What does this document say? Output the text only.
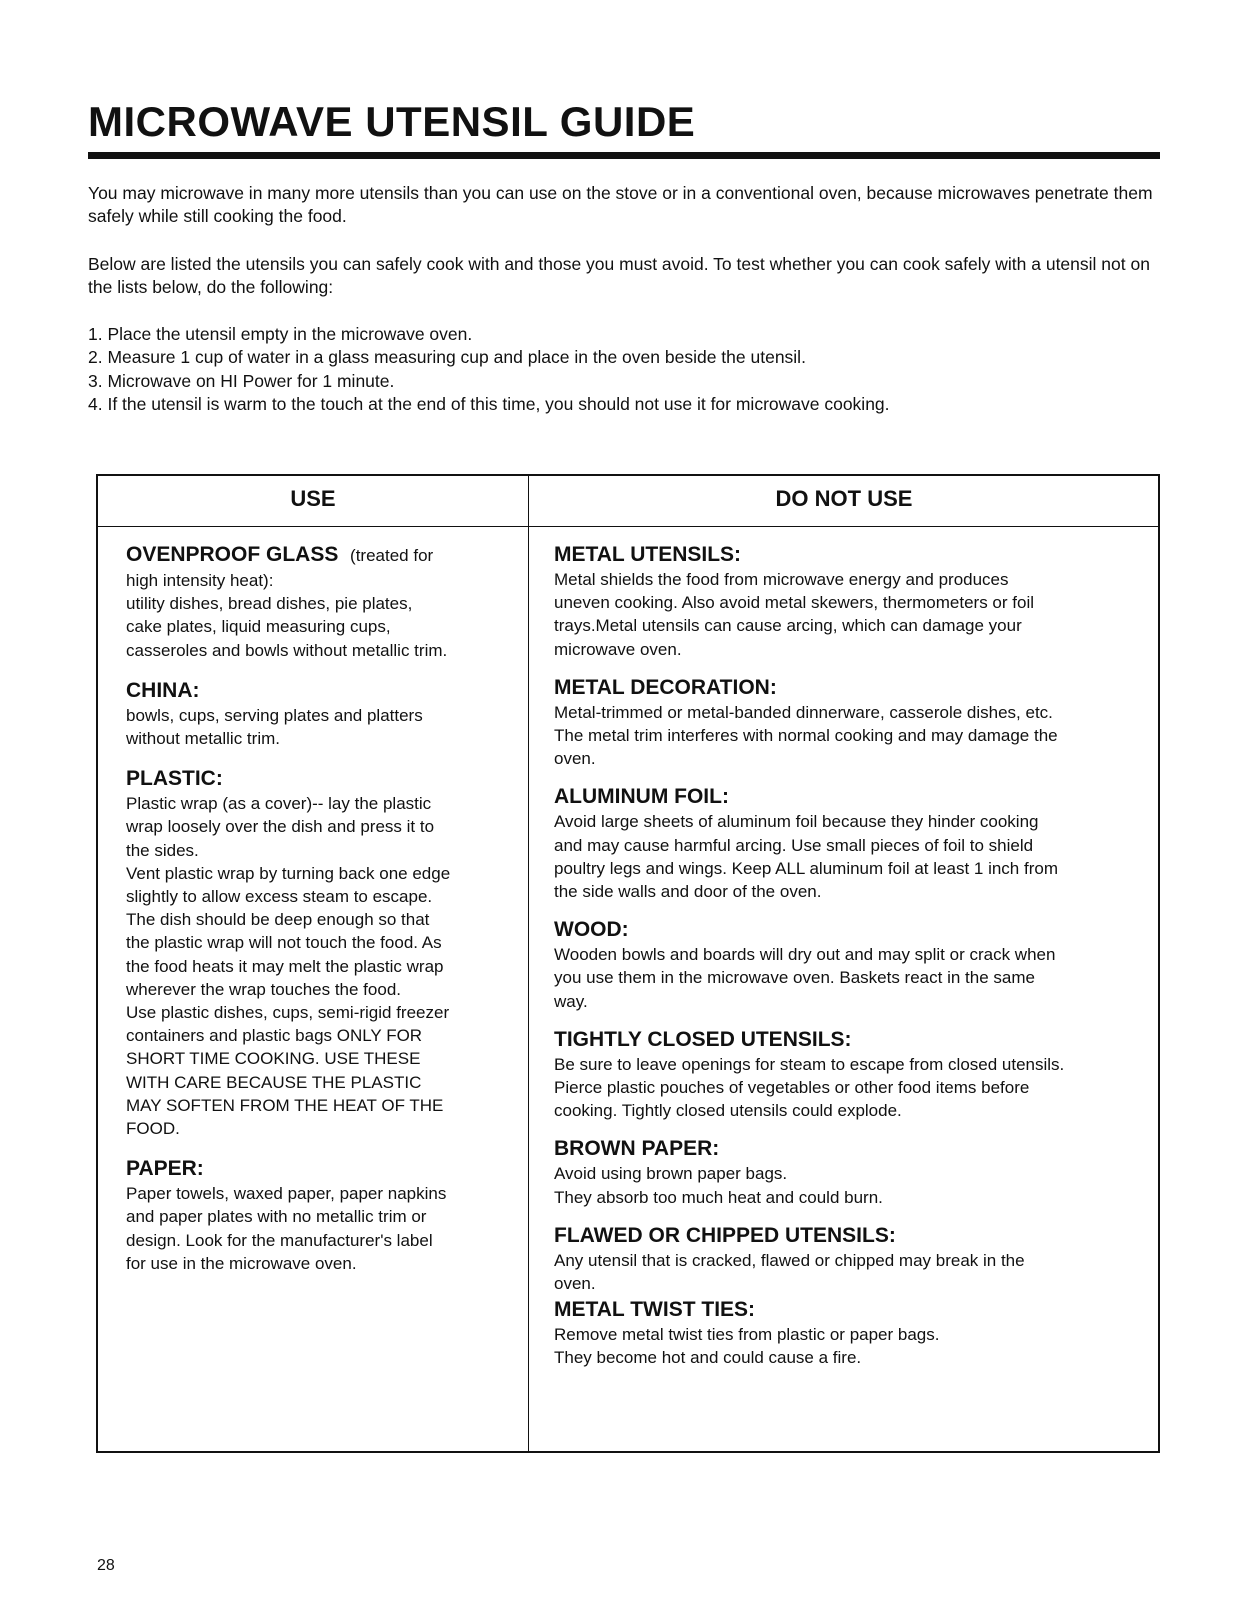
MICROWAVE UTENSIL GUIDE

You may microwave in many more utensils than you can use on the stove or in a conventional oven, because microwaves penetrate them safely while still cooking the food.

Below are listed the utensils you can safely cook with and those you must avoid. To test whether you can cook safely with a utensil not on the lists below, do the following:

1. Place the utensil empty in the microwave oven.
2. Measure 1 cup of water in a glass measuring cup and place in the oven beside the utensil.
3. Microwave on HI Power for 1 minute.
4. If the utensil is warm to the touch at the end of this time, you should not use it for microwave cooking.
USE	DO NOT USE

OVENPROOF GLASS (treated for

high intensity heat):
utility dishes, bread dishes, pie plates,
cake plates, liquid measuring cups,
casseroles and bowls without metallic trim.

CHINA:

bowls, cups, serving plates and platters
without metallic trim.

PLASTIC:

Plastic wrap (as a cover)-- lay the plastic
wrap loosely over the dish and press it to
the sides.
Vent plastic wrap by turning back one edge
slightly to allow excess steam to escape.
The dish should be deep enough so that
the plastic wrap will not touch the food. As
the food heats it may melt the plastic wrap
wherever the wrap touches the food.
Use plastic dishes, cups, semi-rigid freezer
containers and plastic bags ONLY FOR
SHORT TIME COOKING. USE THESE
WITH CARE BECAUSE THE PLASTIC
MAY SOFTEN FROM THE HEAT OF THE
FOOD.

PAPER:

Paper towels, waxed paper, paper napkins
and paper plates with no metallic trim or
design. Look for the manufacturer's label
for use in the microwave oven.

METAL UTENSILS:

Metal shields the food from microwave energy and produces
uneven cooking. Also avoid metal skewers, thermometers or foil
trays.Metal utensils can cause arcing, which can damage your
microwave oven.

METAL DECORATION:

Metal-trimmed or metal-banded dinnerware, casserole dishes, etc.
The metal trim interferes with normal cooking and may damage the
oven.

ALUMINUM FOIL:

Avoid large sheets of aluminum foil because they hinder cooking
and may cause harmful arcing. Use small pieces of foil to shield
poultry legs and wings. Keep ALL aluminum foil at least 1 inch from
the side walls and door of the oven.

WOOD:

Wooden bowls and boards will dry out and may split or crack when
you use them in the microwave oven. Baskets react in the same
way.

TIGHTLY CLOSED UTENSILS:

Be sure to leave openings for steam to escape from closed utensils.
Pierce plastic pouches of vegetables or other food items before
cooking. Tightly closed utensils could explode.

BROWN PAPER:

Avoid using brown paper bags.
They absorb too much heat and could burn.

FLAWED OR CHIPPED UTENSILS:

Any utensil that is cracked, flawed or chipped may break in the
oven.

METAL TWIST TIES:

Remove metal twist ties from plastic or paper bags.
They become hot and could cause a fire.

28
